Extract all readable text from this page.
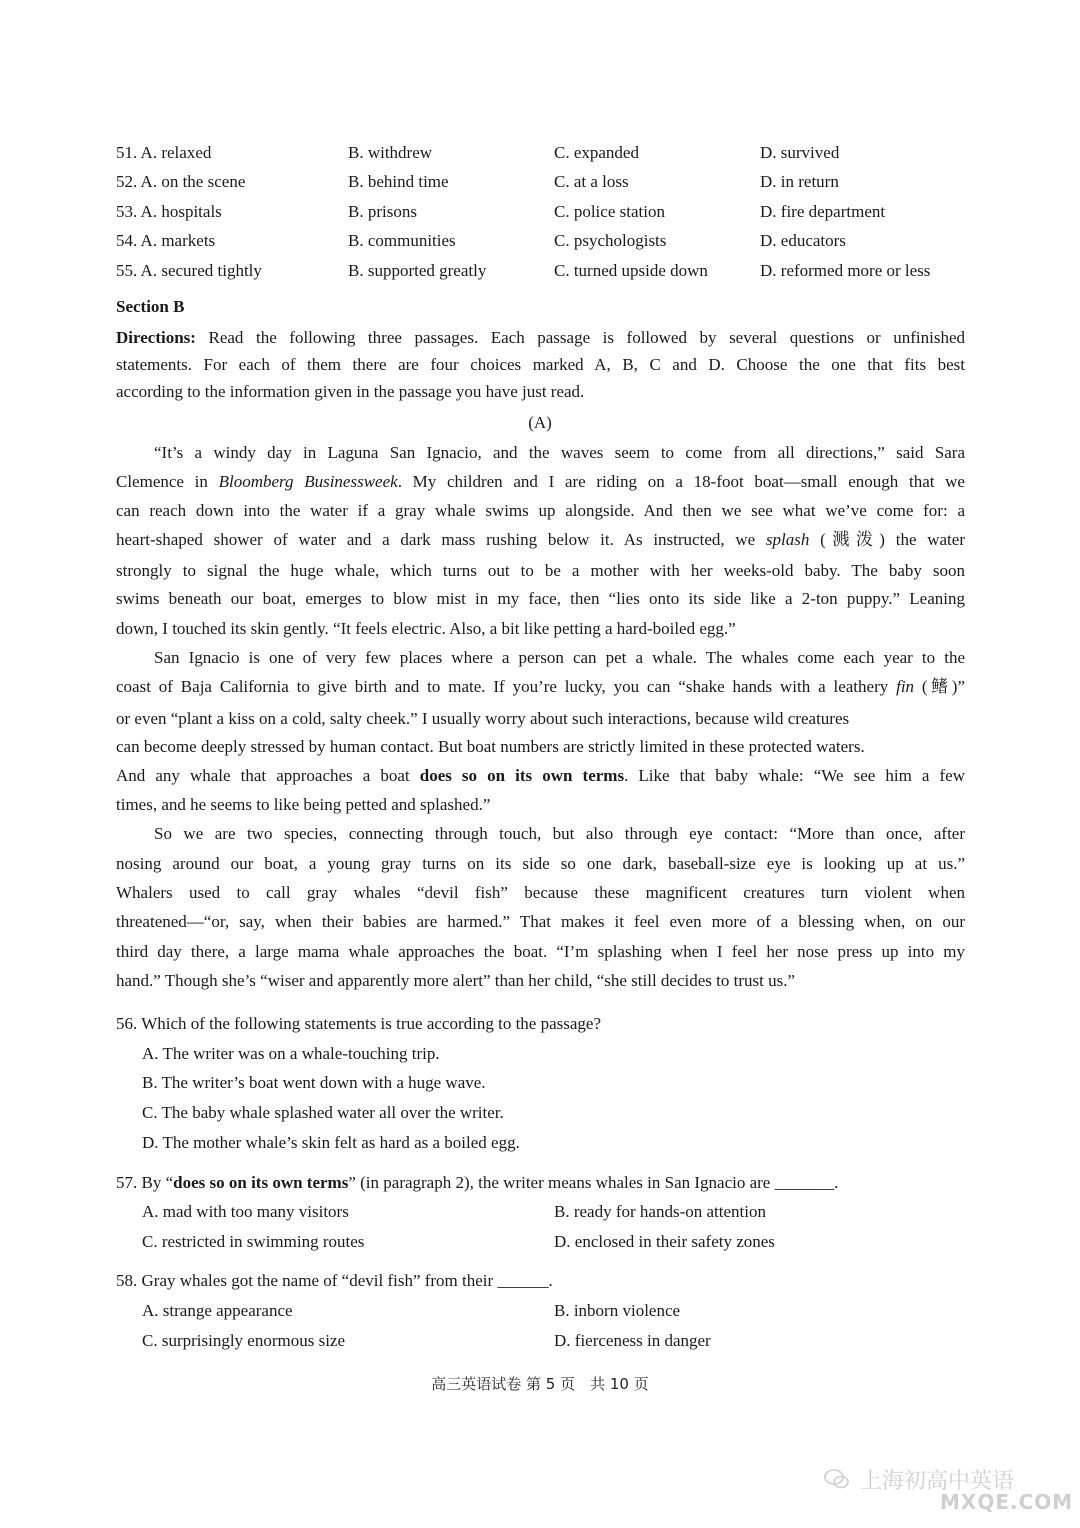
51. A. relaxed	B. withdrew	C. expanded	D. survived
52. A. on the scene	B. behind time	C. at a loss	D. in return
53. A. hospitals	B. prisons	C. police station	D. fire department
54. A. markets	B. communities	C. psychologists	D. educators
55. A. secured tightly	B. supported greatly	C. turned upside down	D. reformed more or less
Section B
Directions: Read the following three passages. Each passage is followed by several questions or unfinished
statements. For each of them there are four choices marked A, B, C and D. Choose the one that fits best
according to the information given in the passage you have just read.
(A)
“It’s a windy day in Laguna San Ignacio, and the waves seem to come from all directions,” said Sara
Clemence in Bloomberg Businessweek. My children and I are riding on a 18-foot boat—small enough that we
can reach down into the water if a gray whale swims up alongside. And then we see what we’ve come for: a
heart-shaped shower of water and a dark mass rushing below it. As instructed, we splash (溅泼) the water
strongly to signal the huge whale, which turns out to be a mother with her weeks-old baby. The baby soon
swims beneath our boat, emerges to blow mist in my face, then “lies onto its side like a 2-ton puppy.” Leaning
down, I touched its skin gently. “It feels electric. Also, a bit like petting a hard-boiled egg.”
San Ignacio is one of very few places where a person can pet a whale. The whales come each year to the
coast of Baja California to give birth and to mate. If you’re lucky, you can “shake hands with a leathery fin (鳍)”
or even “plant a kiss on a cold, salty cheek.” I usually worry about such interactions, because wild creatures
can become deeply stressed by human contact. But boat numbers are strictly limited in these protected waters.
And any whale that approaches a boat does so on its own terms. Like that baby whale: “We see him a few
times, and he seems to like being petted and splashed.”
So we are two species, connecting through touch, but also through eye contact: “More than once, after
nosing around our boat, a young gray turns on its side so one dark, baseball-size eye is looking up at us.”
Whalers used to call gray whales “devil fish” because these magnificent creatures turn violent when
threatened—“or, say, when their babies are harmed.” That makes it feel even more of a blessing when, on our
third day there, a large mama whale approaches the boat. “I’m splashing when I feel her nose press up into my
hand.” Though she’s “wiser and apparently more alert” than her child, “she still decides to trust us.”
56. Which of the following statements is true according to the passage?
A. The writer was on a whale-touching trip.
B. The writer’s boat went down with a huge wave.
C. The baby whale splashed water all over the writer.
D. The mother whale’s skin felt as hard as a boiled egg.
57. By “does so on its own terms” (in paragraph 2), the writer means whales in San Ignacio are _______.
A. mad with too many visitors	B. ready for hands-on attention
C. restricted in swimming routes	D. enclosed in their safety zones
58. Gray whales got the name of “devil fish” from their ______.
A. strange appearance	B. inborn violence
C. surprisingly enormous size	D. fierceness in danger
高三英语试卷 第 5 页　共 10 页
上海初高中英语
MXQE.COM
